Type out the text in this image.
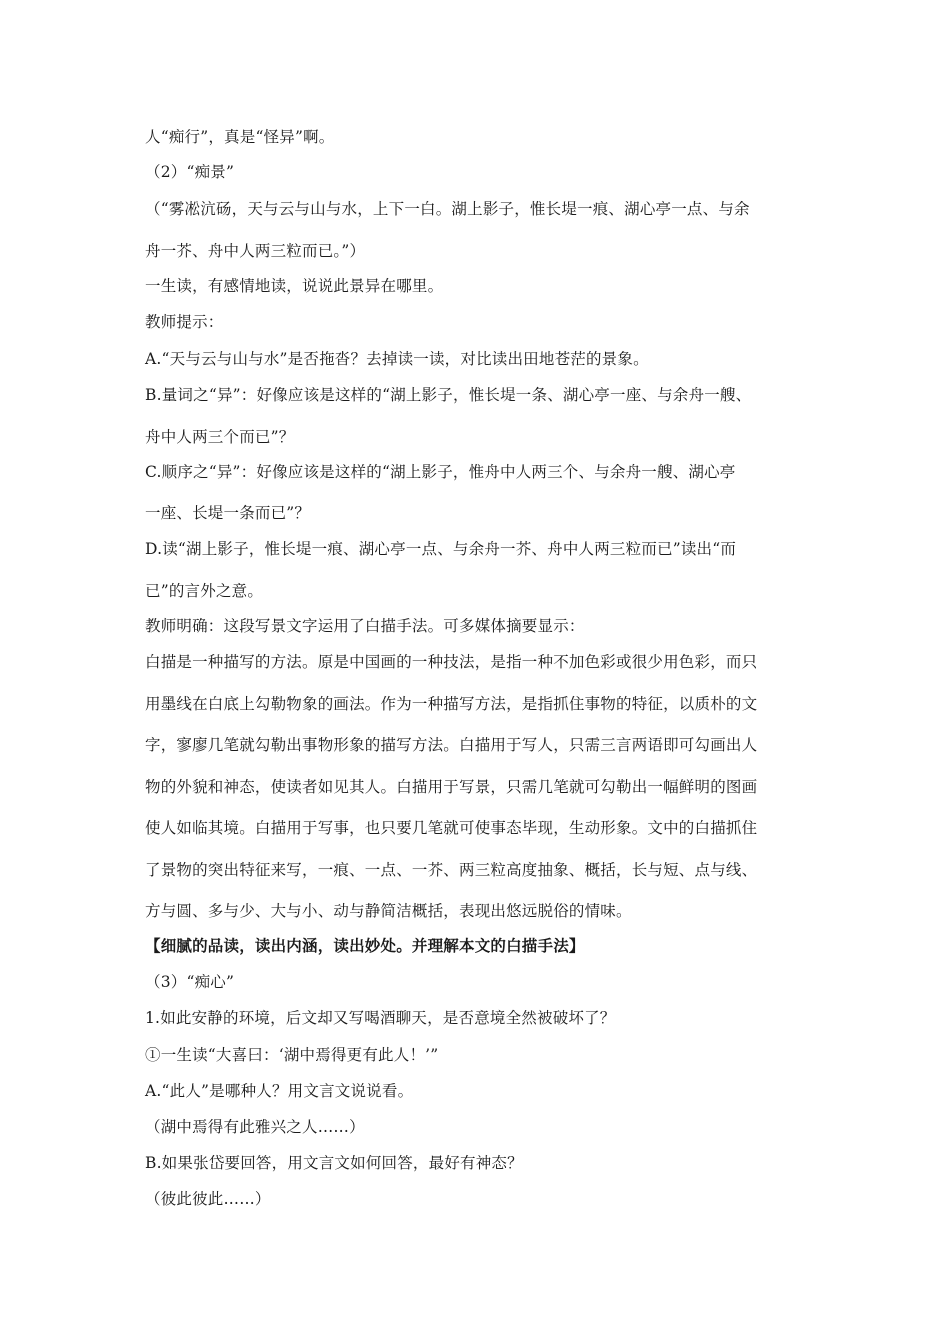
人“痴行”，真是“怪异”啊。
（2）“痴景”
（“雾凇沆砀，天与云与山与水，上下一白。湖上影子，惟长堤一痕、湖心亭一点、与余
舟一芥、舟中人两三粒而已。”）
一生读，有感情地读，说说此景异在哪里。
教师提示：
A.“天与云与山与水”是否拖沓？去掉读一读，对比读出田地苍茫的景象。
B.量词之“异”：好像应该是这样的“湖上影子，惟长堤一条、湖心亭一座、与余舟一艘、
舟中人两三个而已”？
C.顺序之“异”：好像应该是这样的“湖上影子，惟舟中人两三个、与余舟一艘、湖心亭
一座、长堤一条而已”？
D.读“湖上影子，惟长堤一痕、湖心亭一点、与余舟一芥、舟中人两三粒而已”读出“而
已”的言外之意。
教师明确：这段写景文字运用了白描手法。可多媒体摘要显示：
白描是一种描写的方法。原是中国画的一种技法，是指一种不加色彩或很少用色彩，而只
用墨线在白底上勾勒物象的画法。作为一种描写方法，是指抓住事物的特征，以质朴的文
字，寥廖几笔就勾勒出事物形象的描写方法。白描用于写人，只需三言两语即可勾画出人
物的外貌和神态，使读者如见其人。白描用于写景，只需几笔就可勾勒出一幅鲜明的图画
使人如临其境。白描用于写事，也只要几笔就可使事态毕现，生动形象。文中的白描抓住
了景物的突出特征来写，一痕、一点、一芥、两三粒高度抽象、概括，长与短、点与线、
方与圆、多与少、大与小、动与静简洁概括，表现出悠远脱俗的情味。
【细腻的品读，读出内涵，读出妙处。并理解本文的白描手法】
（3）“痴心”
1.如此安静的环境，后文却又写喝酒聊天，是否意境全然被破坏了？
①一生读“大喜曰：‘湖中焉得更有此人！’”
A.“此人”是哪种人？用文言文说说看。
（湖中焉得有此雅兴之人……）
B.如果张岱要回答，用文言文如何回答，最好有神态？
（彼此彼此……）
